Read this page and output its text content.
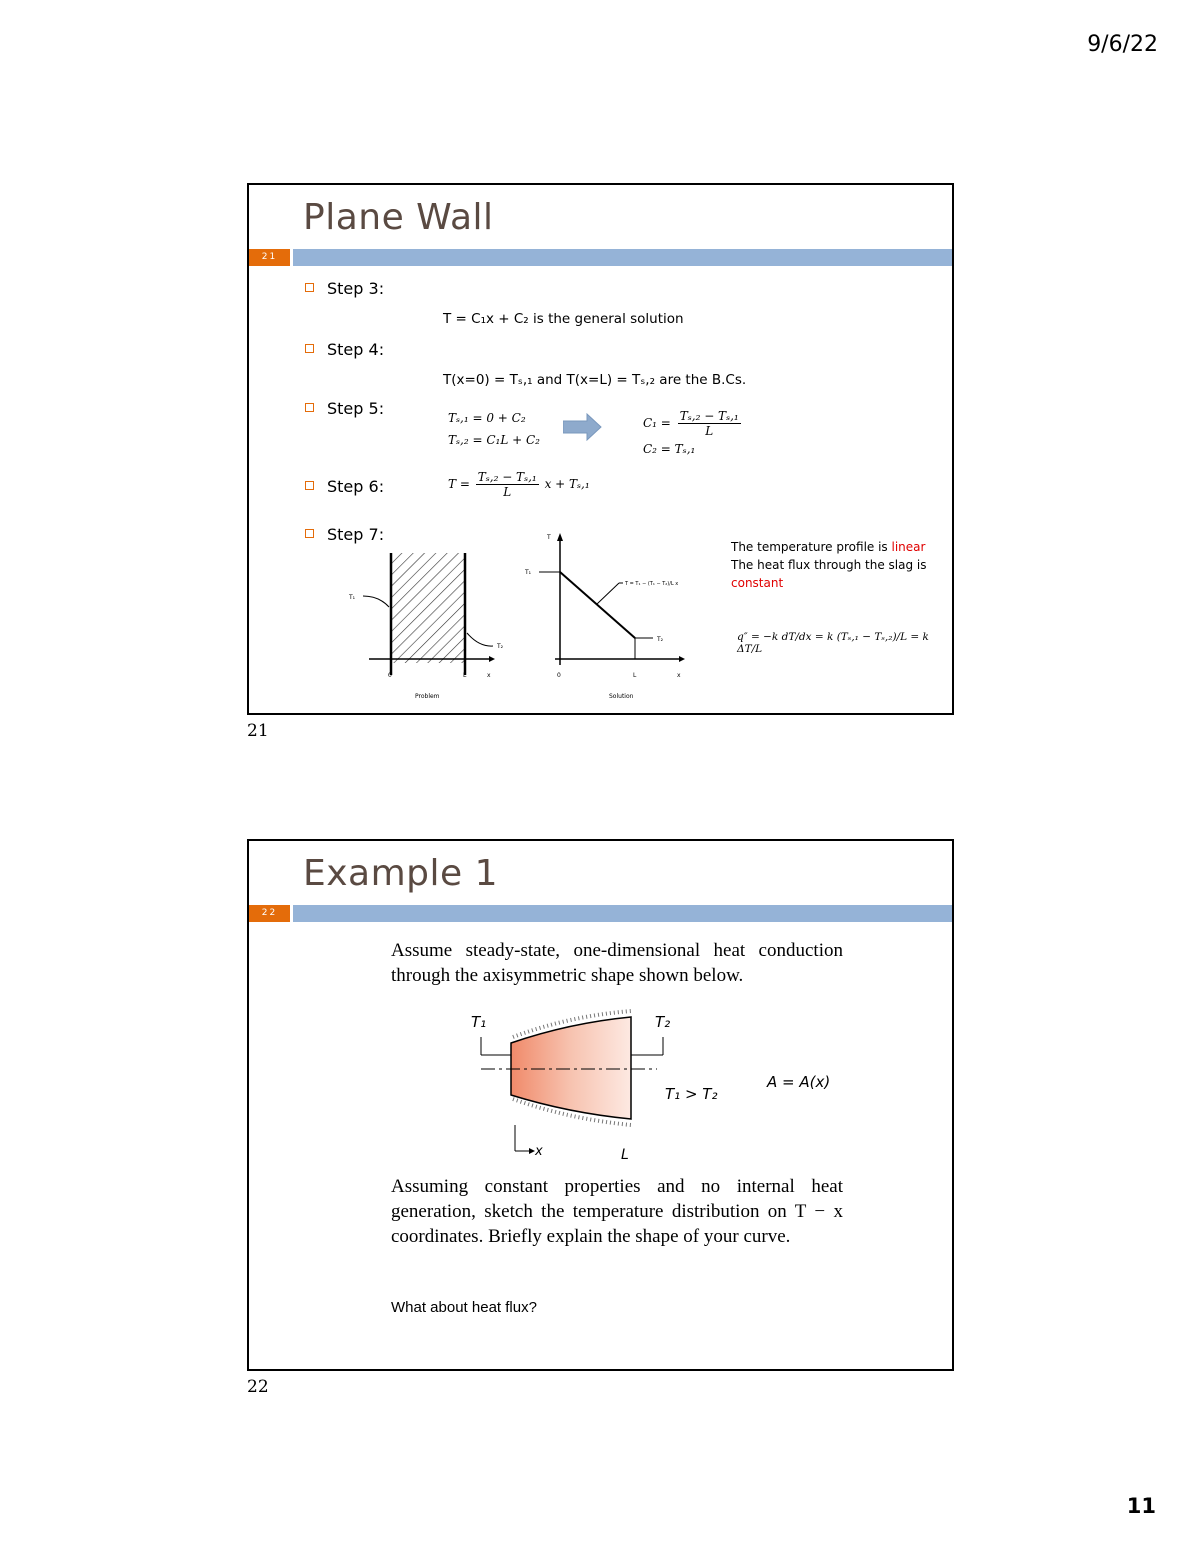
9/6/22
Plane Wall
21
Step 3:
T = C₁x + C₂ is the general solution
Step 4:
T(x=0) = Tₛ,₁ and T(x=L) = Tₛ,₂ are the B.Cs.
Step 5:	Tₛ,₁ = 0 + C₂
Tₛ,₂ = C₁L + C₂
$C_1 = \frac{\text{Tₛ,₂ − Tₛ,₁}}{L}$
C₂ = Tₛ,₁
Step 6:	$T = \frac{\text{Tₛ,₂ − Tₛ,₁}}{L}$ x + Tₛ,₁
Step 7:
T₁
T₂
0	L	x
Problem
T
T₁
T₂
T = T₁ − (T₁ − T₂)/L x
0	L	x
Solution
The temperature profile is linear
The heat flux through the slag is constant
q″ = −k dT/dx = k (Tₛ,₁ − Tₛ,₂)/L = k ΔT/L
21
Example 1
22
Assume steady-state, one-dimensional heat conduction through the axisymmetric shape shown below.
T₁	T₂
T₁ > T₂
A = A(x)
x	L
Assuming constant properties and no internal heat generation, sketch the temperature distribution on T − x coordinates. Briefly explain the shape of your curve.
What about heat flux?
22
11
